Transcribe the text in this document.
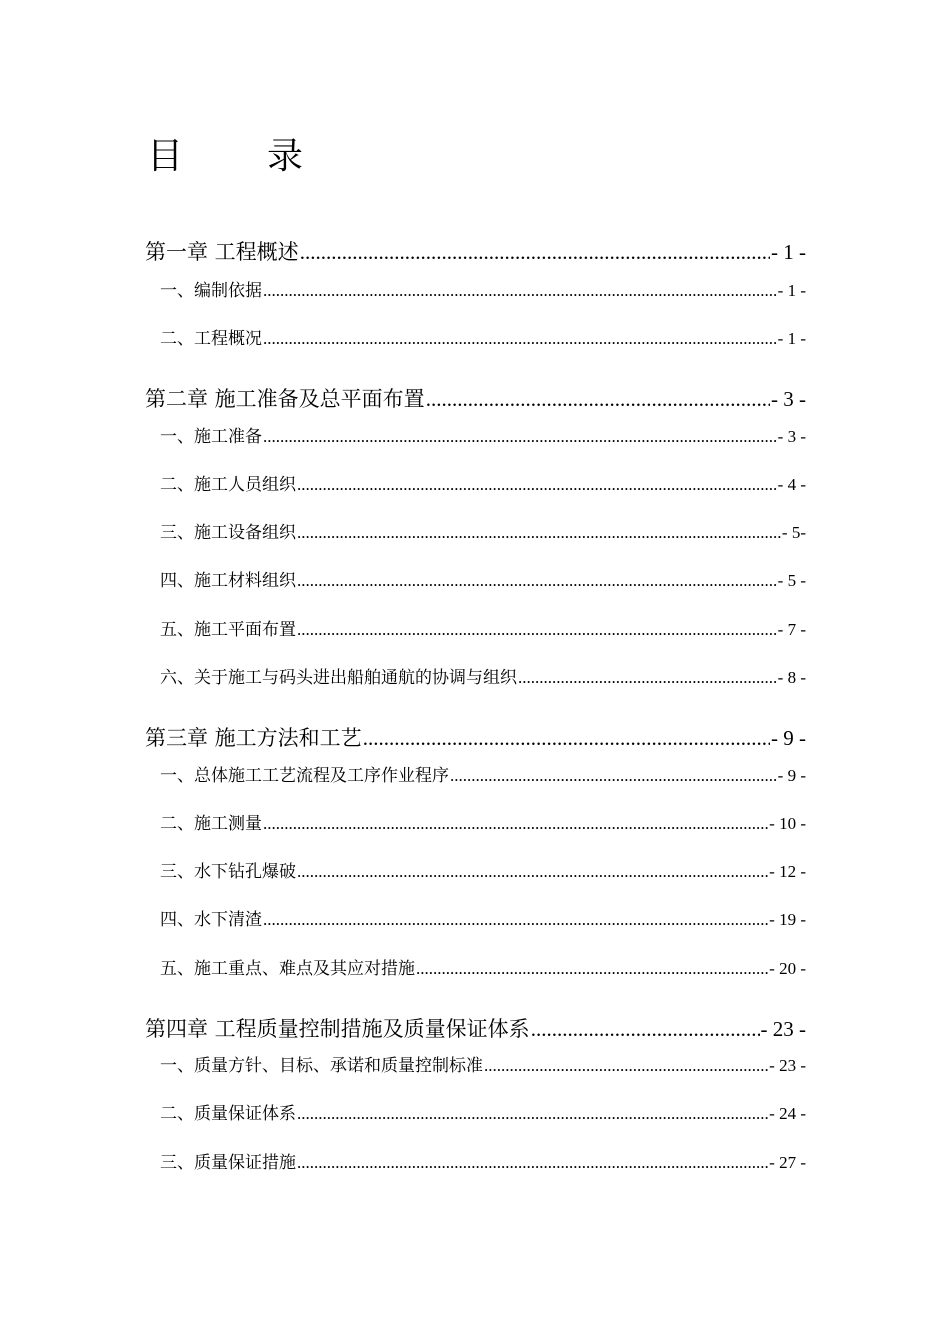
目 录
第一章 工程概述 .....	- 1 -
一、编制依据 .....	- 1 -
二、工程概况 .....	- 1 -
第二章 施工准备及总平面布置 .....	- 3 -
一、施工准备 .....	- 3 -
二、施工人员组织 .....	- 4 -
三、施工设备组织 .....	- 5-
四、施工材料组织 .....	- 5 -
五、施工平面布置 .....	- 7 -
六、关于施工与码头进出船舶通航的协调与组织 .....	- 8 -
第三章 施工方法和工艺 .....	- 9 -
一、总体施工工艺流程及工序作业程序 .....	- 9 -
二、施工测量 .....	- 10 -
三、水下钻孔爆破 .....	- 12 -
四、水下清渣 .....	- 19 -
五、施工重点、难点及其应对措施 .....	- 20 -
第四章 工程质量控制措施及质量保证体系 .....	- 23 -
一、质量方针、目标、承诺和质量控制标准 .....	- 23 -
二、质量保证体系 .....	- 24 -
三、质量保证措施 .....	- 27 -
